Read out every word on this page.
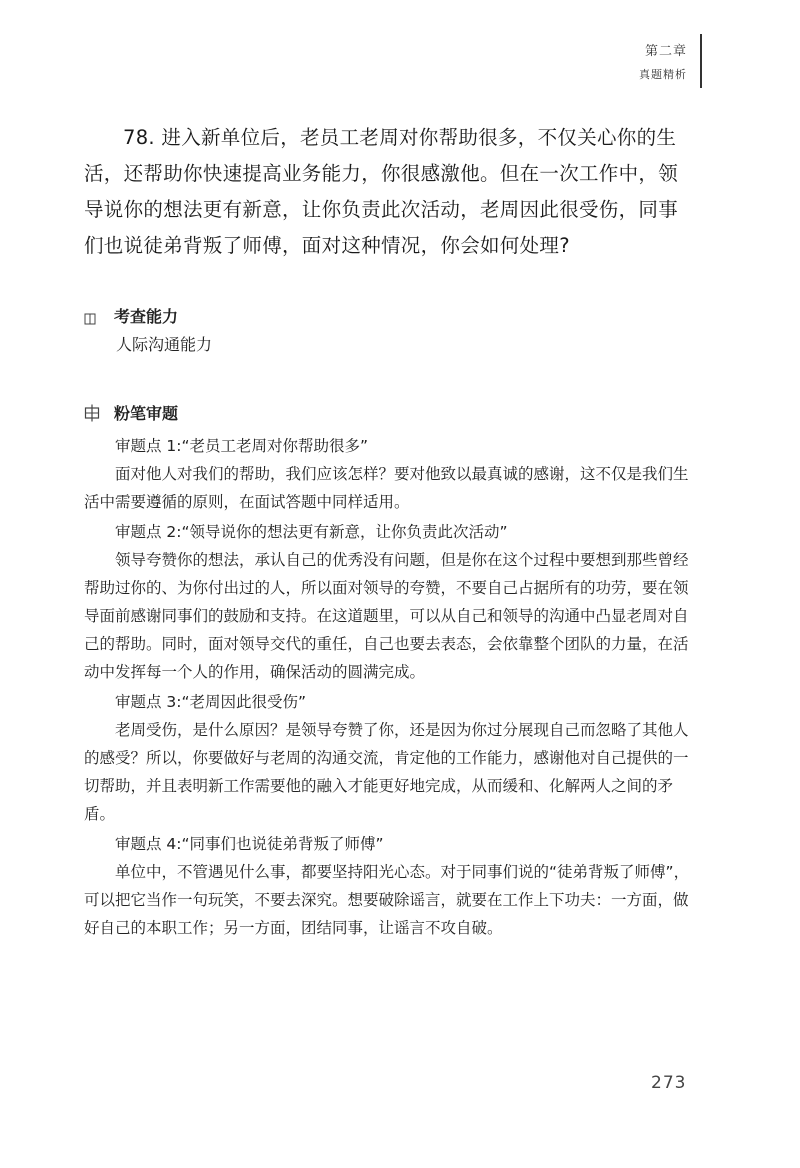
第二章
真题精析
78. 进入新单位后，老员工老周对你帮助很多，不仅关心你的生活，还帮助你快速提高业务能力，你很感激他。但在一次工作中，领导说你的想法更有新意，让你负责此次活动，老周因此很受伤，同事们也说徒弟背叛了师傅，面对这种情况，你会如何处理?
考查能力
人际沟通能力
粉笔审题

审题点 1:“老员工老周对你帮助很多”

面对他人对我们的帮助，我们应该怎样？要对他致以最真诚的感谢，这不仅是我们生活中需要遵循的原则，在面试答题中同样适用。

审题点 2:“领导说你的想法更有新意，让你负责此次活动”

领导夸赞你的想法，承认自己的优秀没有问题，但是你在这个过程中要想到那些曾经帮助过你的、为你付出过的人，所以面对领导的夸赞，不要自己占据所有的功劳，要在领导面前感谢同事们的鼓励和支持。在这道题里，可以从自己和领导的沟通中凸显老周对自己的帮助。同时，面对领导交代的重任，自己也要去表态，会依靠整个团队的力量，在活动中发挥每一个人的作用，确保活动的圆满完成。

审题点 3:“老周因此很受伤”

老周受伤，是什么原因？是领导夸赞了你，还是因为你过分展现自己而忽略了其他人的感受？所以，你要做好与老周的沟通交流，肯定他的工作能力，感谢他对自己提供的一切帮助，并且表明新工作需要他的融入才能更好地完成，从而缓和、化解两人之间的矛盾。

审题点 4:“同事们也说徒弟背叛了师傅”

单位中，不管遇见什么事，都要坚持阳光心态。对于同事们说的“徒弟背叛了师傅”，可以把它当作一句玩笑，不要去深究。想要破除谣言，就要在工作上下功夫：一方面，做好自己的本职工作；另一方面，团结同事，让谣言不攻自破。

273
